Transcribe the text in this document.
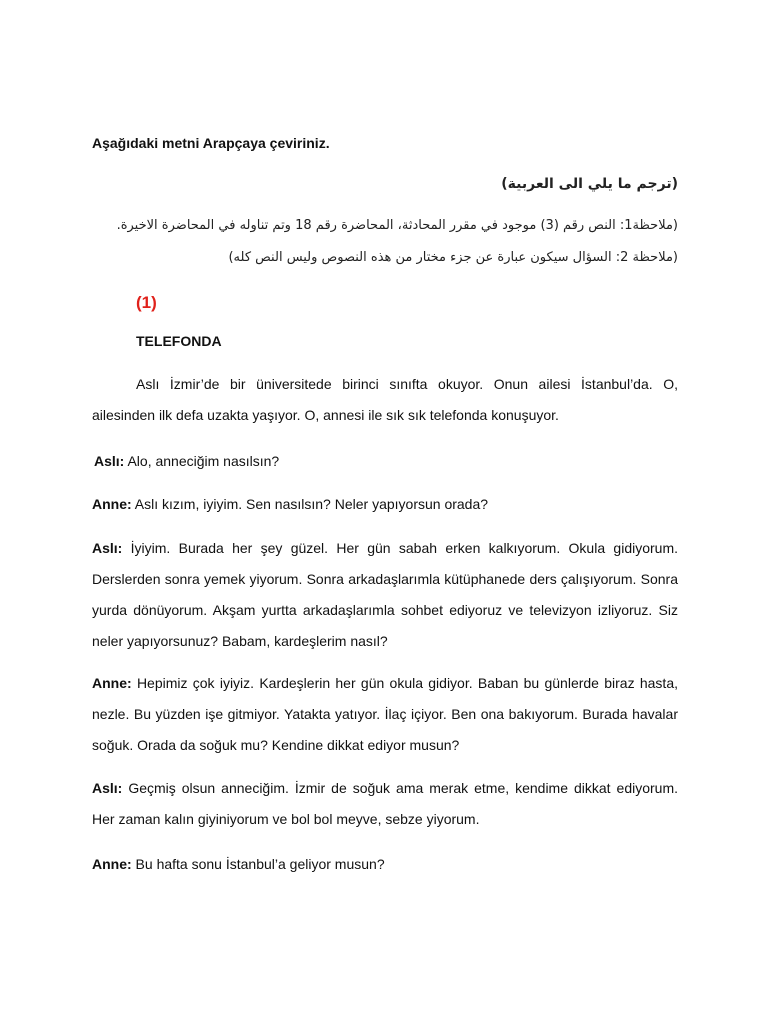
Aşağıdaki metni Arapçaya çeviriniz.
(ترجم ما يلي الى العربية)
(ملاحظة1: النص رقم (3) موجود في مقرر المحادثة، المحاضرة رقم 18 وتم تناوله في المحاضرة الاخيرة.
(ملاحظة 2: السؤال سيكون عبارة عن جزء مختار من هذه النصوص وليس النص كله)
(1)
TELEFONDA

Aslı İzmir’de bir üniversitede birinci sınıfta okuyor. Onun ailesi İstanbul’da. O, ailesinden ilk defa uzakta yaşıyor. O, annesi ile sık sık telefonda konuşuyor.

Aslı: Alo, anneciğim nasılsın?

Anne: Aslı kızım, iyiyim. Sen nasılsın? Neler yapıyorsun orada?

Aslı: İyiyim. Burada her şey güzel. Her gün sabah erken kalkıyorum. Okula gidiyorum. Derslerden sonra yemek yiyorum. Sonra arkadaşlarımla kütüphanede ders çalışıyorum. Sonra yurda dönüyorum. Akşam yurtta arkadaşlarımla sohbet ediyoruz ve televizyon izliyoruz. Siz neler yapıyorsunuz? Babam, kardeşlerim nasıl?

Anne: Hepimiz çok iyiyiz. Kardeşlerin her gün okula gidiyor. Baban bu günlerde biraz hasta, nezle. Bu yüzden işe gitmiyor. Yatakta yatıyor. İlaç içiyor. Ben ona bakıyorum. Burada havalar soğuk. Orada da soğuk mu? Kendine dikkat ediyor musun?

Aslı: Geçmiş olsun anneciğim. İzmir de soğuk ama merak etme, kendime dikkat ediyorum. Her zaman kalın giyiniyorum ve bol bol meyve, sebze yiyorum.

Anne: Bu hafta sonu İstanbul’a geliyor musun?
